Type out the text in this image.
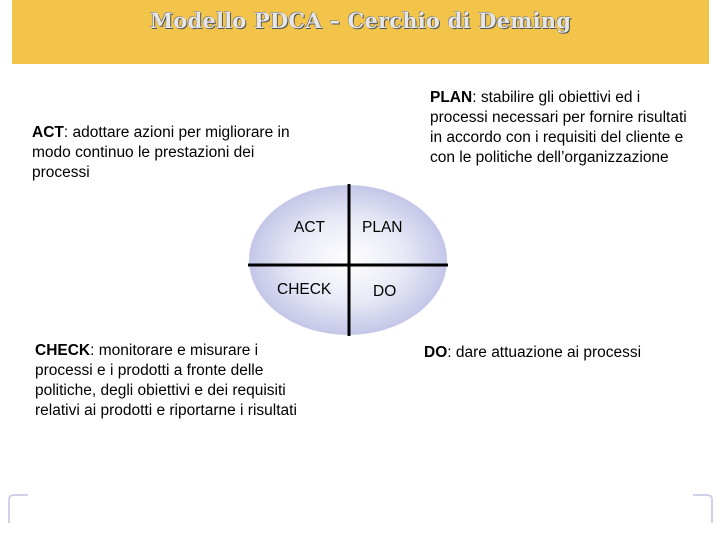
Modello PDCA – Cerchio di Deming
ACT: adottare azioni per migliorare in modo continuo le prestazioni dei processi
PLAN: stabilire gli obiettivi ed i processi necessari per fornire risultati in accordo con i requisiti del cliente e con le politiche dell’organizzazione
CHECK: monitorare e misurare i processi e i prodotti a fronte delle politiche, degli obiettivi e dei requisiti relativi ai prodotti e riportarne i risultati
DO: dare attuazione ai processi
ACT PLAN
CHECK	DO
